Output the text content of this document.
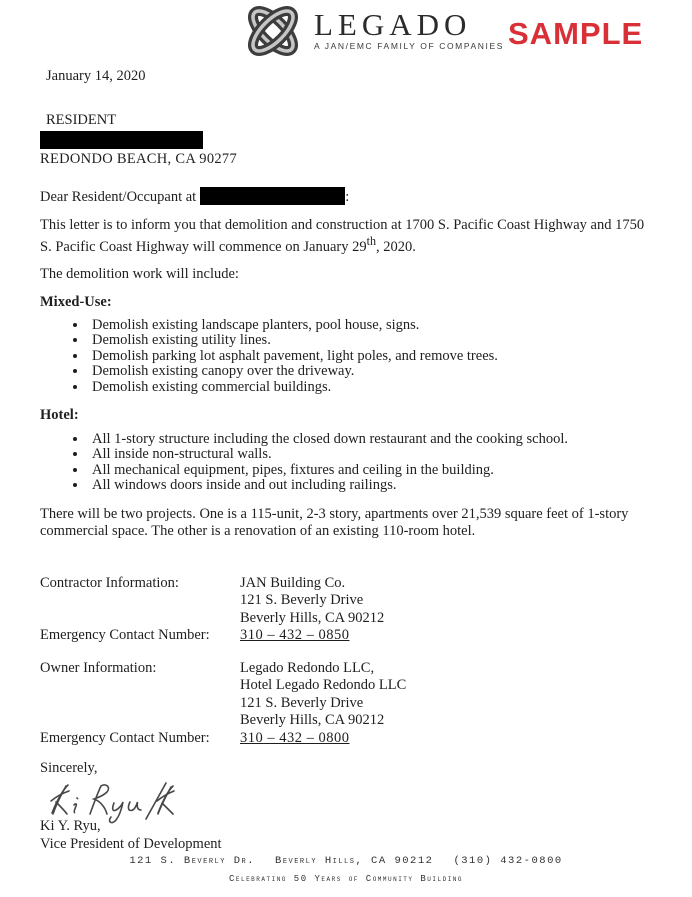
LEGADO
A JAN/EMC FAMILY OF COMPANIES SAMPLE
January 14, 2020
RESIDENT
REDONDO BEACH, CA 90277
Dear Resident/Occupant at	:
This letter is to inform you that demolition and construction at 1700 S. Pacific Coast Highway and 1750 S. Pacific Coast Highway will commence on January 29th, 2020.
The demolition work will include:
Mixed-Use:
• Demolish existing landscape planters, pool house, signs.
• Demolish existing utility lines.
• Demolish parking lot asphalt pavement, light poles, and remove trees.
• Demolish existing canopy over the driveway.
• Demolish existing commercial buildings.
Hotel:
• All 1-story structure including the closed down restaurant and the cooking school.
• All inside non-structural walls.
• All mechanical equipment, pipes, fixtures and ceiling in the building.
• All windows doors inside and out including railings.
There will be two projects. One is a 115-unit, 2-3 story, apartments over 21,539 square feet of 1-story commercial space. The other is a renovation of an existing 110-room hotel.
Contractor Information:	JAN Building Co.
121 S. Beverly Drive
Beverly Hills, CA 90212
Emergency Contact Number:	310 – 432 – 0850
Owner Information:	Legado Redondo LLC,
Hotel Legado Redondo LLC
121 S. Beverly Drive
Beverly Hills, CA 90212
Emergency Contact Number:	310 – 432 – 0800
Sincerely,
Ki Y. Ryu,
Vice President of Development
121 S. Beverly Dr. Beverly Hills, CA 90212 (310) 432-0800
Celebrating 50 Years of Community Building
